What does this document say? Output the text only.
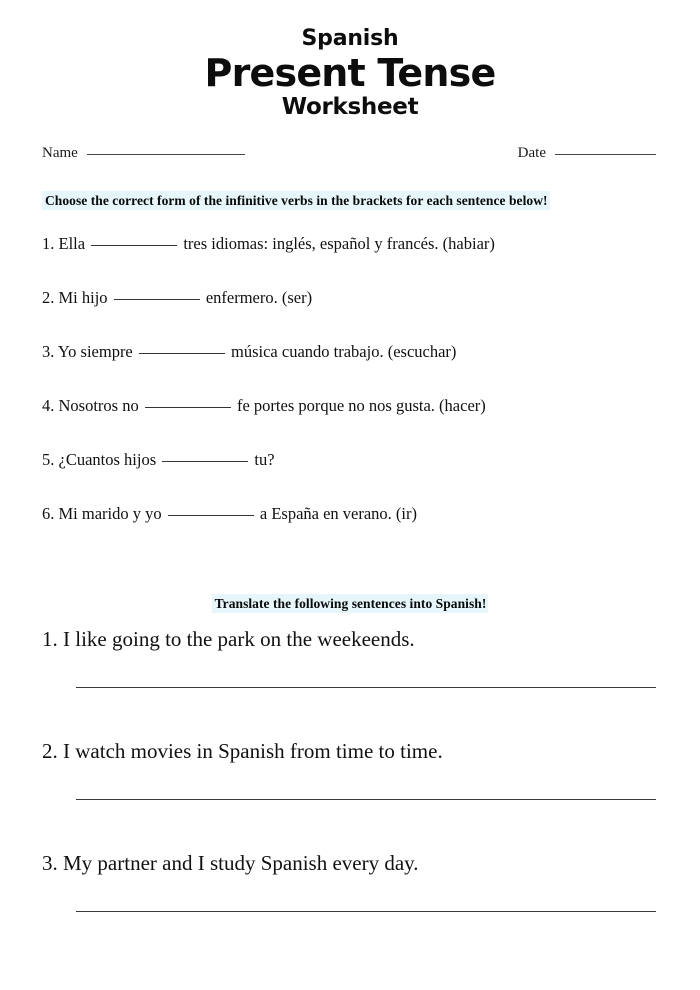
Spanish
Present Tense
Worksheet
Name	Date
Choose the correct form of the infinitive verbs in the brackets for each sentence below!
1. Ella	tres idiomas: inglés, español y francés. (habiar)
2. Mi hijo	enfermero. (ser)
3. Yo siempre	música cuando trabajo. (escuchar)
4. Nosotros no	fe portes porque no nos gusta. (hacer)
5. ¿Cuantos hijos	tu?
6. Mi marido y yo	a España en verano. (ir)
Translate the following sentences into Spanish!
1. I like going to the park on the weekeends.
2. I watch movies in Spanish from time to time.
3. My partner and I study Spanish every day.
